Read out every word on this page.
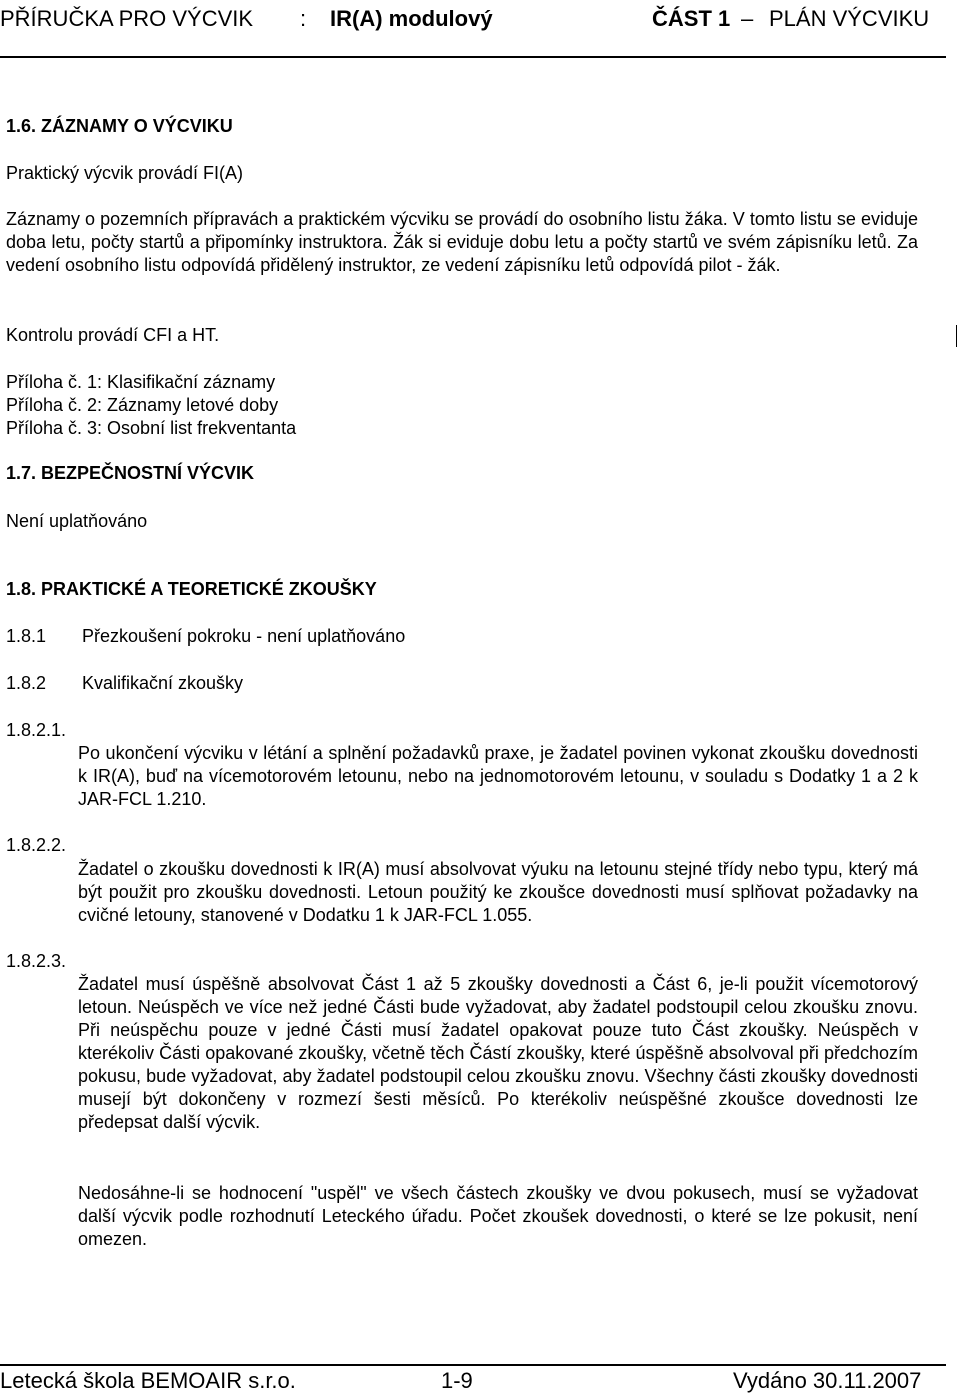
PŘÍRUČKA PRO VÝCVIK : IR(A) modulový	ČÁST 1 – PLÁN VÝCVIKU
1.6. ZÁZNAMY O VÝCVIKU
Praktický výcvik provádí FI(A)
Záznamy o pozemních přípravách a praktickém výcviku se provádí do osobního listu žáka. V tomto listu se eviduje doba letu, počty startů a připomínky instruktora. Žák si eviduje dobu letu a počty startů ve svém zápisníku letů. Za vedení osobního listu odpovídá přidělený instruktor, ze vedení zápisníku letů odpovídá pilot - žák.
Kontrolu provádí CFI a HT.
Příloha č. 1: Klasifikační záznamy
Příloha č. 2: Záznamy letové doby
Příloha č. 3: Osobní list frekventanta
1.7. BEZPEČNOSTNÍ VÝCVIK
Není uplatňováno
1.8. PRAKTICKÉ A TEORETICKÉ ZKOUŠKY
1.8.1 Přezkoušení pokroku - není uplatňováno
1.8.2 Kvalifikační zkoušky
1.8.2.1.
Po ukončení výcviku v létání a splnění požadavků praxe, je žadatel povinen vykonat zkoušku dovednosti k IR(A), buď na vícemotorovém letounu, nebo na jednomotorovém letounu, v souladu s Dodatky 1 a 2 k JAR-FCL 1.210.
1.8.2.2.
Žadatel o zkoušku dovednosti k IR(A) musí absolvovat výuku na letounu stejné třídy nebo typu, který má být použit pro zkoušku dovednosti. Letoun použitý ke zkoušce dovednosti musí splňovat požadavky na cvičné letouny, stanovené v Dodatku 1 k JAR-FCL 1.055.
1.8.2.3.
Žadatel musí úspěšně absolvovat Část 1 až 5 zkoušky dovednosti a Část 6, je-li použit vícemotorový letoun. Neúspěch ve více než jedné Části bude vyžadovat, aby žadatel podstoupil celou zkoušku znovu. Při neúspěchu pouze v jedné Části musí žadatel opakovat pouze tuto Část zkoušky. Neúspěch v kterékoliv Části opakované zkoušky, včetně těch Částí zkoušky, které úspěšně absolvoval při předchozím pokusu, bude vyžadovat, aby žadatel podstoupil celou zkoušku znovu. Všechny části zkoušky dovednosti musejí být dokončeny v rozmezí šesti měsíců. Po kterékoliv neúspěšné zkoušce dovednosti lze předepsat další výcvik.
Nedosáhne-li se hodnocení "uspěl" ve všech částech zkoušky ve dvou pokusech, musí se vyžadovat další výcvik podle rozhodnutí Leteckého úřadu. Počet zkoušek dovednosti, o které se lze pokusit, není omezen.
Letecká škola BEMOAIR s.r.o.	1-9	Vydáno 30.11.2007
